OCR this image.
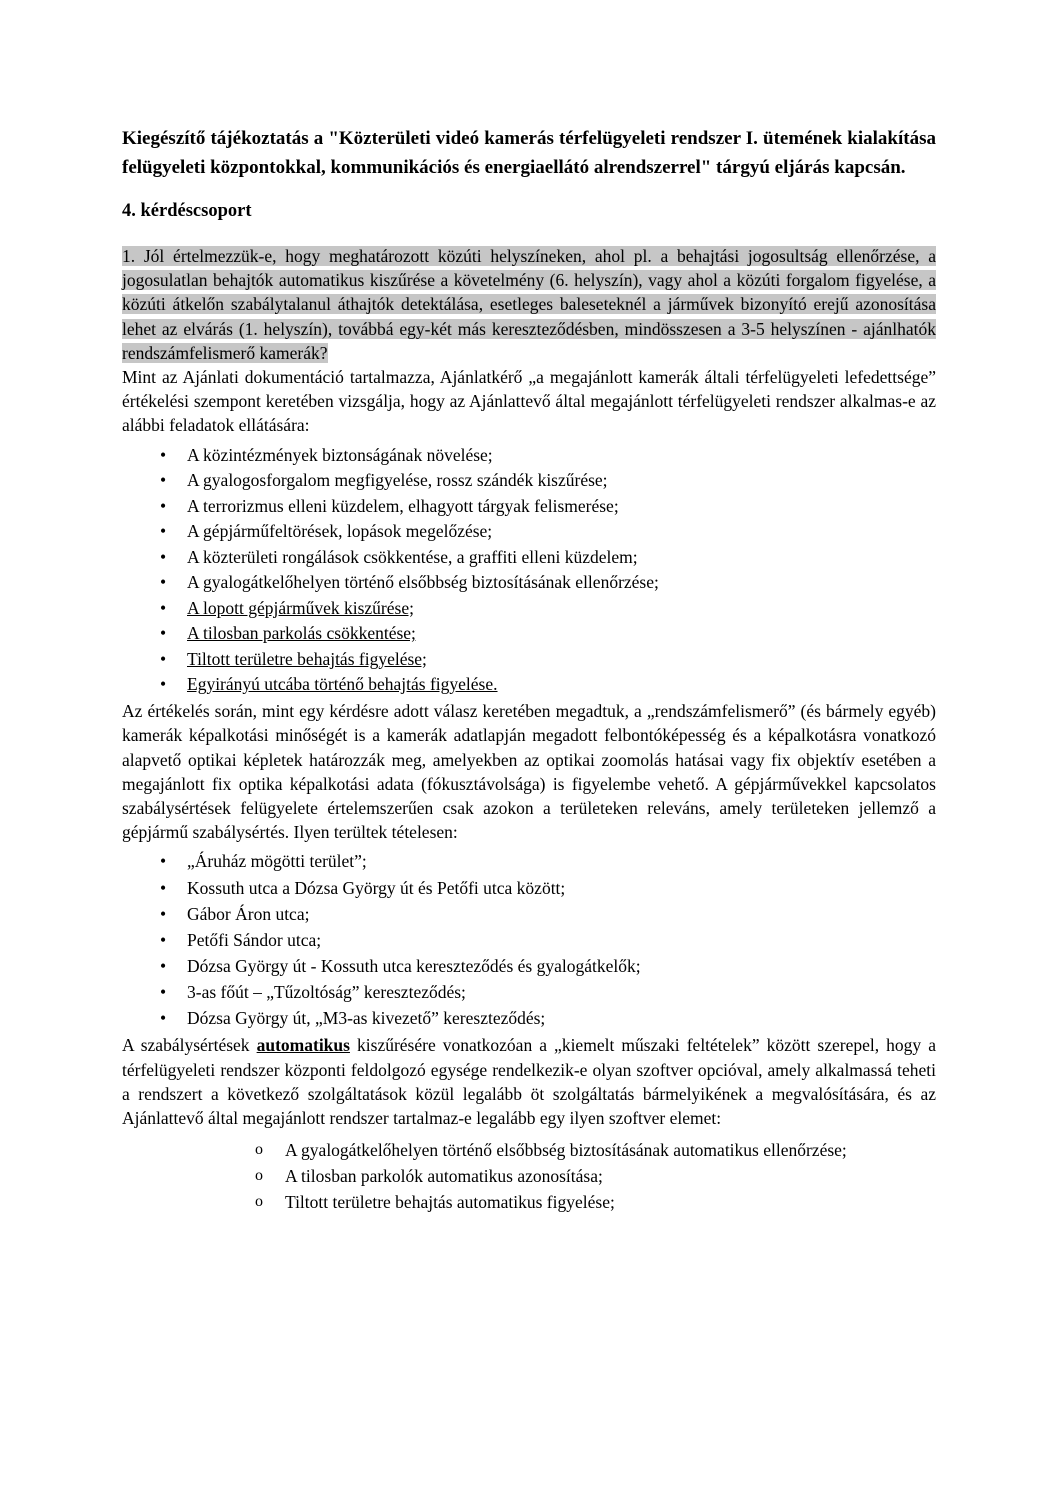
Kiegészítő tájékoztatás a "Közterületi videó kamerás térfelügyeleti rendszer I. ütemének kialakítása felügyeleti központokkal, kommunikációs és energiaellátó alrendszerrel" tárgyú eljárás kapcsán.

4. kérdéscsoport

1. Jól értelmezzük-e, hogy meghatározott közúti helyszíneken, ahol pl. a behajtási jogosultság ellenőrzése, a jogosulatlan behajtók automatikus kiszűrése a követelmény (6. helyszín), vagy ahol a közúti forgalom figyelése, a közúti átkelőn szabálytalanul áthajtók detektálása, esetleges baleseteknél a járművek bizonyító erejű azonosítása lehet az elvárás (1. helyszín), továbbá egy-két más kereszteződésben, mindösszesen a 3-5 helyszínen - ajánlhatók rendszámfelismerő kamerák?

Mint az Ajánlati dokumentáció tartalmazza, Ajánlatkérő „a megajánlott kamerák általi térfelügyeleti lefedettsége” értékelési szempont keretében vizsgálja, hogy az Ajánlattevő által megajánlott térfelügyeleti rendszer alkalmas-e az alábbi feladatok ellátására:

• A közintézmények biztonságának növelése;
• A gyalogosforgalom megfigyelése, rossz szándék kiszűrése;
• A terrorizmus elleni küzdelem, elhagyott tárgyak felismerése;
• A gépjárműfeltörések, lopások megelőzése;
• A közterületi rongálások csökkentése, a graffiti elleni küzdelem;
• A gyalogátkelőhelyen történő elsőbbség biztosításának ellenőrzése;
• A lopott gépjárművek kiszűrése;
• A tilosban parkolás csökkentése;
• Tiltott területre behajtás figyelése;
• Egyirányú utcába történő behajtás figyelése.

Az értékelés során, mint egy kérdésre adott válasz keretében megadtuk, a „rendszámfelismerő” (és bármely egyéb) kamerák képalkotási minőségét is a kamerák adatlapján megadott felbontóképesség és a képalkotásra vonatkozó alapvető optikai képletek határozzák meg, amelyekben az optikai zoomolás hatásai vagy fix objektív esetében a megajánlott fix optika képalkotási adata (fókusztávolsága) is figyelembe vehető. A gépjárművekkel kapcsolatos szabálysértések felügyelete értelemszerűen csak azokon a területeken releváns, amely területeken jellemző a gépjármű szabálysértés. Ilyen terültek tételesen:

• „Áruház mögötti terület”;
• Kossuth utca a Dózsa György út és Petőfi utca között;
• Gábor Áron utca;
• Petőfi Sándor utca;
• Dózsa György út - Kossuth utca kereszteződés és gyalogátkelők;
• 3-as főút – „Tűzoltóság” kereszteződés;
• Dózsa György út, „M3-as kivezető” kereszteződés;

A szabálysértések automatikus kiszűrésére vonatkozóan a „kiemelt műszaki feltételek” között szerepel, hogy a térfelügyeleti rendszer központi feldolgozó egysége rendelkezik-e olyan szoftver opcióval, amely alkalmassá teheti a rendszert a következő szolgáltatások közül legalább öt szolgáltatás bármelyikének a megvalósítására, és az Ajánlattevő által megajánlott rendszer tartalmaz-e legalább egy ilyen szoftver elemet:

o A gyalogátkelőhelyen történő elsőbbség biztosításának automatikus ellenőrzése;
o A tilosban parkolók automatikus azonosítása;
o Tiltott területre behajtás automatikus figyelése;
